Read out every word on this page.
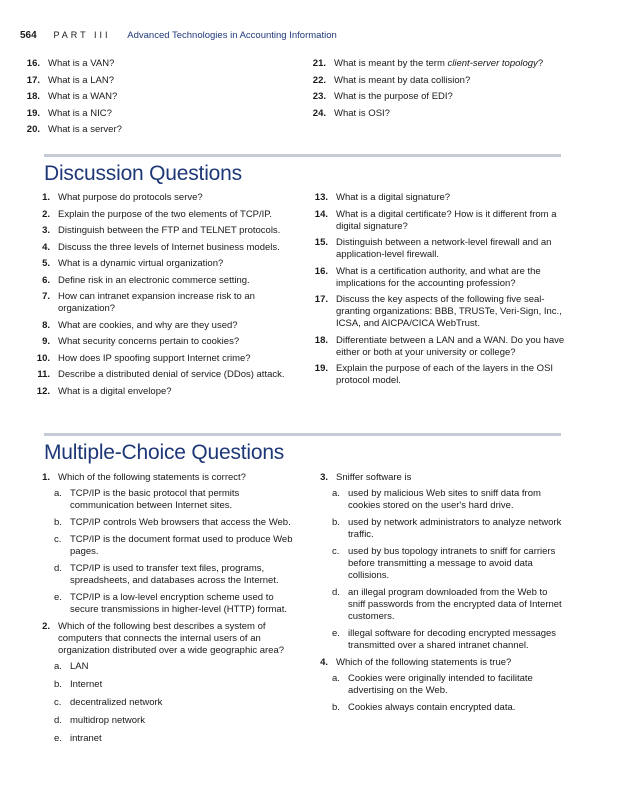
564 PART III Advanced Technologies in Accounting Information
16. What is a VAN?
17. What is a LAN?
18. What is a WAN?
19. What is a NIC?
20. What is a server?
21. What is meant by the term client-server topology?
22. What is meant by data collision?
23. What is the purpose of EDI?
24. What is OSI?
Discussion Questions
1. What purpose do protocols serve?
2. Explain the purpose of the two elements of TCP/IP.
3. Distinguish between the FTP and TELNET protocols.
4. Discuss the three levels of Internet business models.
5. What is a dynamic virtual organization?
6. Define risk in an electronic commerce setting.
7. How can intranet expansion increase risk to an organization?
8. What are cookies, and why are they used?
9. What security concerns pertain to cookies?
10. How does IP spoofing support Internet crime?
11. Describe a distributed denial of service (DDos) attack.
12. What is a digital envelope?
13. What is a digital signature?
14. What is a digital certificate? How is it different from a digital signature?
15. Distinguish between a network-level firewall and an application-level firewall.
16. What is a certification authority, and what are the implications for the accounting profession?
17. Discuss the key aspects of the following five seal-granting organizations: BBB, TRUSTe, Veri-Sign, Inc., ICSA, and AICPA/CICA WebTrust.
18. Differentiate between a LAN and a WAN. Do you have either or both at your university or college?
19. Explain the purpose of each of the layers in the OSI protocol model.
Multiple-Choice Questions
1. Which of the following statements is correct?
a. TCP/IP is the basic protocol that permits communication between Internet sites.
b. TCP/IP controls Web browsers that access the Web.
c. TCP/IP is the document format used to produce Web pages.
d. TCP/IP is used to transfer text files, programs, spreadsheets, and databases across the Internet.
e. TCP/IP is a low-level encryption scheme used to secure transmissions in higher-level (HTTP) format.
2. Which of the following best describes a system of computers that connects the internal users of an organization distributed over a wide geographic area?
a. LAN
b. Internet
c. decentralized network
d. multidrop network
e. intranet
3. Sniffer software is
a. used by malicious Web sites to sniff data from cookies stored on the user's hard drive.
b. used by network administrators to analyze network traffic.
c. used by bus topology intranets to sniff for carriers before transmitting a message to avoid data collisions.
d. an illegal program downloaded from the Web to sniff passwords from the encrypted data of Internet customers.
e. illegal software for decoding encrypted messages transmitted over a shared intranet channel.
4. Which of the following statements is true?
a. Cookies were originally intended to facilitate advertising on the Web.
b. Cookies always contain encrypted data.
